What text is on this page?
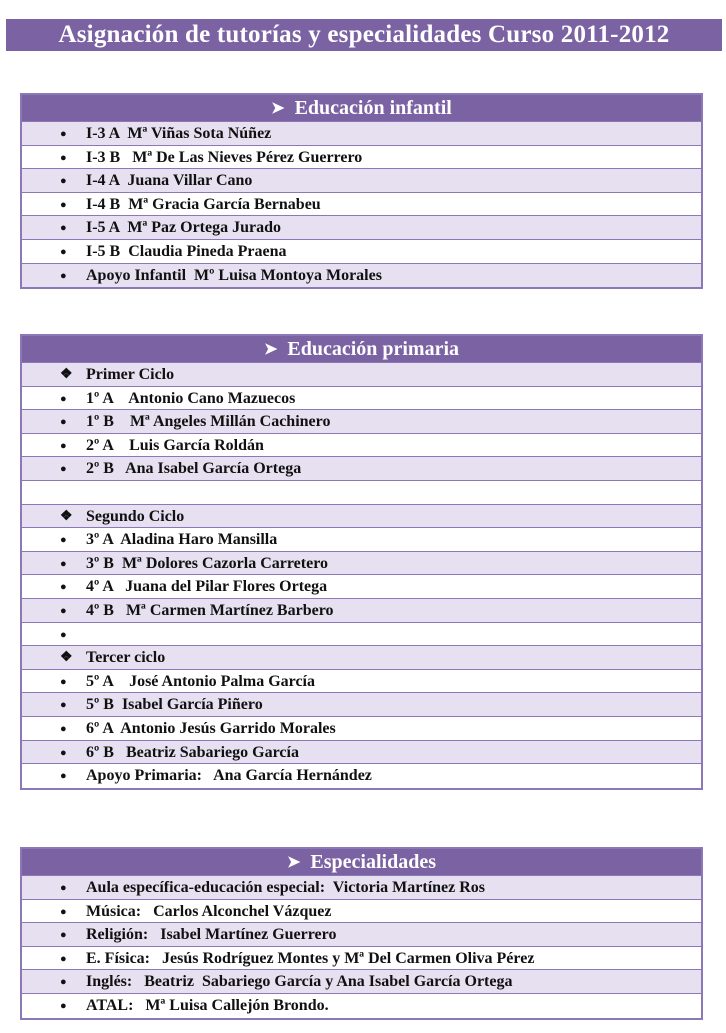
Asignación de tutorías y especialidades Curso 2011-2012
➤ Educación infantil
● I-3 A  Mª Viñas Sota Núñez
● I-3 B   Mª De Las Nieves Pérez Guerrero
● I-4 A  Juana Villar Cano
● I-4 B  Mª Gracia García Bernabeu
● I-5 A  Mª Paz Ortega Jurado
● I-5 B  Claudia Pineda Praena
● Apoyo Infantil  Mº Luisa Montoya Morales
➤ Educación primaria
❖ Primer Ciclo
● 1º A    Antonio Cano Mazuecos
● 1º B    Mª Angeles Millán Cachinero
● 2º A    Luis García Roldán
● 2º B   Ana Isabel García Ortega
❖ Segundo Ciclo
● 3º A  Aladina Haro Mansilla
● 3º B  Mª Dolores Cazorla Carretero
● 4º A   Juana del Pilar Flores Ortega
● 4º B   Mª Carmen Martínez Barbero
●
❖ Tercer ciclo
● 5º A    José Antonio Palma García
● 5º B  Isabel García Piñero
● 6º A  Antonio Jesús Garrido Morales
● 6º B   Beatriz Sabariego García
● Apoyo Primaria:   Ana García Hernández
➤ Especialidades
● Aula específica-educación especial:  Victoria Martínez Ros
● Música:   Carlos Alconchel Vázquez
● Religión:   Isabel Martínez Guerrero
● E. Física:   Jesús Rodríguez Montes y Mª Del Carmen Oliva Pérez
● Inglés:   Beatriz  Sabariego García y Ana Isabel García Ortega
● ATAL:   Mª Luisa Callejón Brondo.
